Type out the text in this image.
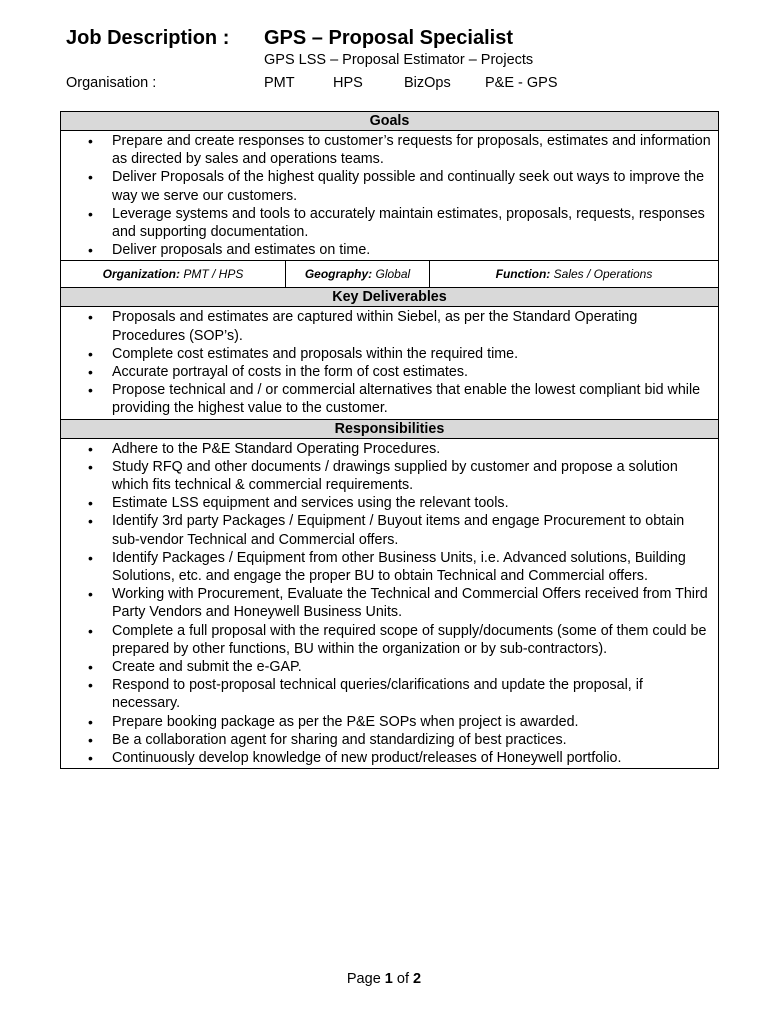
Job Description : GPS – Proposal Specialist
GPS LSS – Proposal Estimator – Projects
Organisation :	PMT	HPS	BizOps P&E - GPS
Goals

• Prepare and create responses to customer’s requests for proposals, estimates and information as directed by sales and operations teams.
• Deliver Proposals of the highest quality possible and continually seek out ways to improve the way we serve our customers.
• Leverage systems and tools to accurately maintain estimates, proposals, requests, responses and supporting documentation.
• Deliver proposals and estimates on time.

Organization: PMT / HPS	Geography: Global	Function: Sales / Operations
Key Deliverables

• Proposals and estimates are captured within Siebel, as per the Standard Operating Procedures (SOP’s).
• Complete cost estimates and proposals within the required time.
• Accurate portrayal of costs in the form of cost estimates.
• Propose technical and / or commercial alternatives that enable the lowest compliant bid while providing the highest value to the customer.

Responsibilities

• Adhere to the P&E Standard Operating Procedures.
• Study RFQ and other documents / drawings supplied by customer and propose a solution which fits technical & commercial requirements.
• Estimate LSS equipment and services using the relevant tools.
• Identify 3rd party Packages / Equipment / Buyout items and engage Procurement to obtain sub-vendor Technical and Commercial offers.
• Identify Packages / Equipment from other Business Units, i.e. Advanced solutions, Building Solutions, etc. and engage the proper BU to obtain Technical and Commercial offers.
• Working with Procurement, Evaluate the Technical and Commercial Offers received from Third Party Vendors and Honeywell Business Units.
• Complete a full proposal with the required scope of supply/documents (some of them could be prepared by other functions, BU within the organization or by sub-contractors).
• Create and submit the e-GAP.
• Respond to post-proposal technical queries/clarifications and update the proposal, if necessary.
• Prepare booking package as per the P&E SOPs when project is awarded.
• Be a collaboration agent for sharing and standardizing of best practices.
• Continuously develop knowledge of new product/releases of Honeywell portfolio.
Page 1 of 2
